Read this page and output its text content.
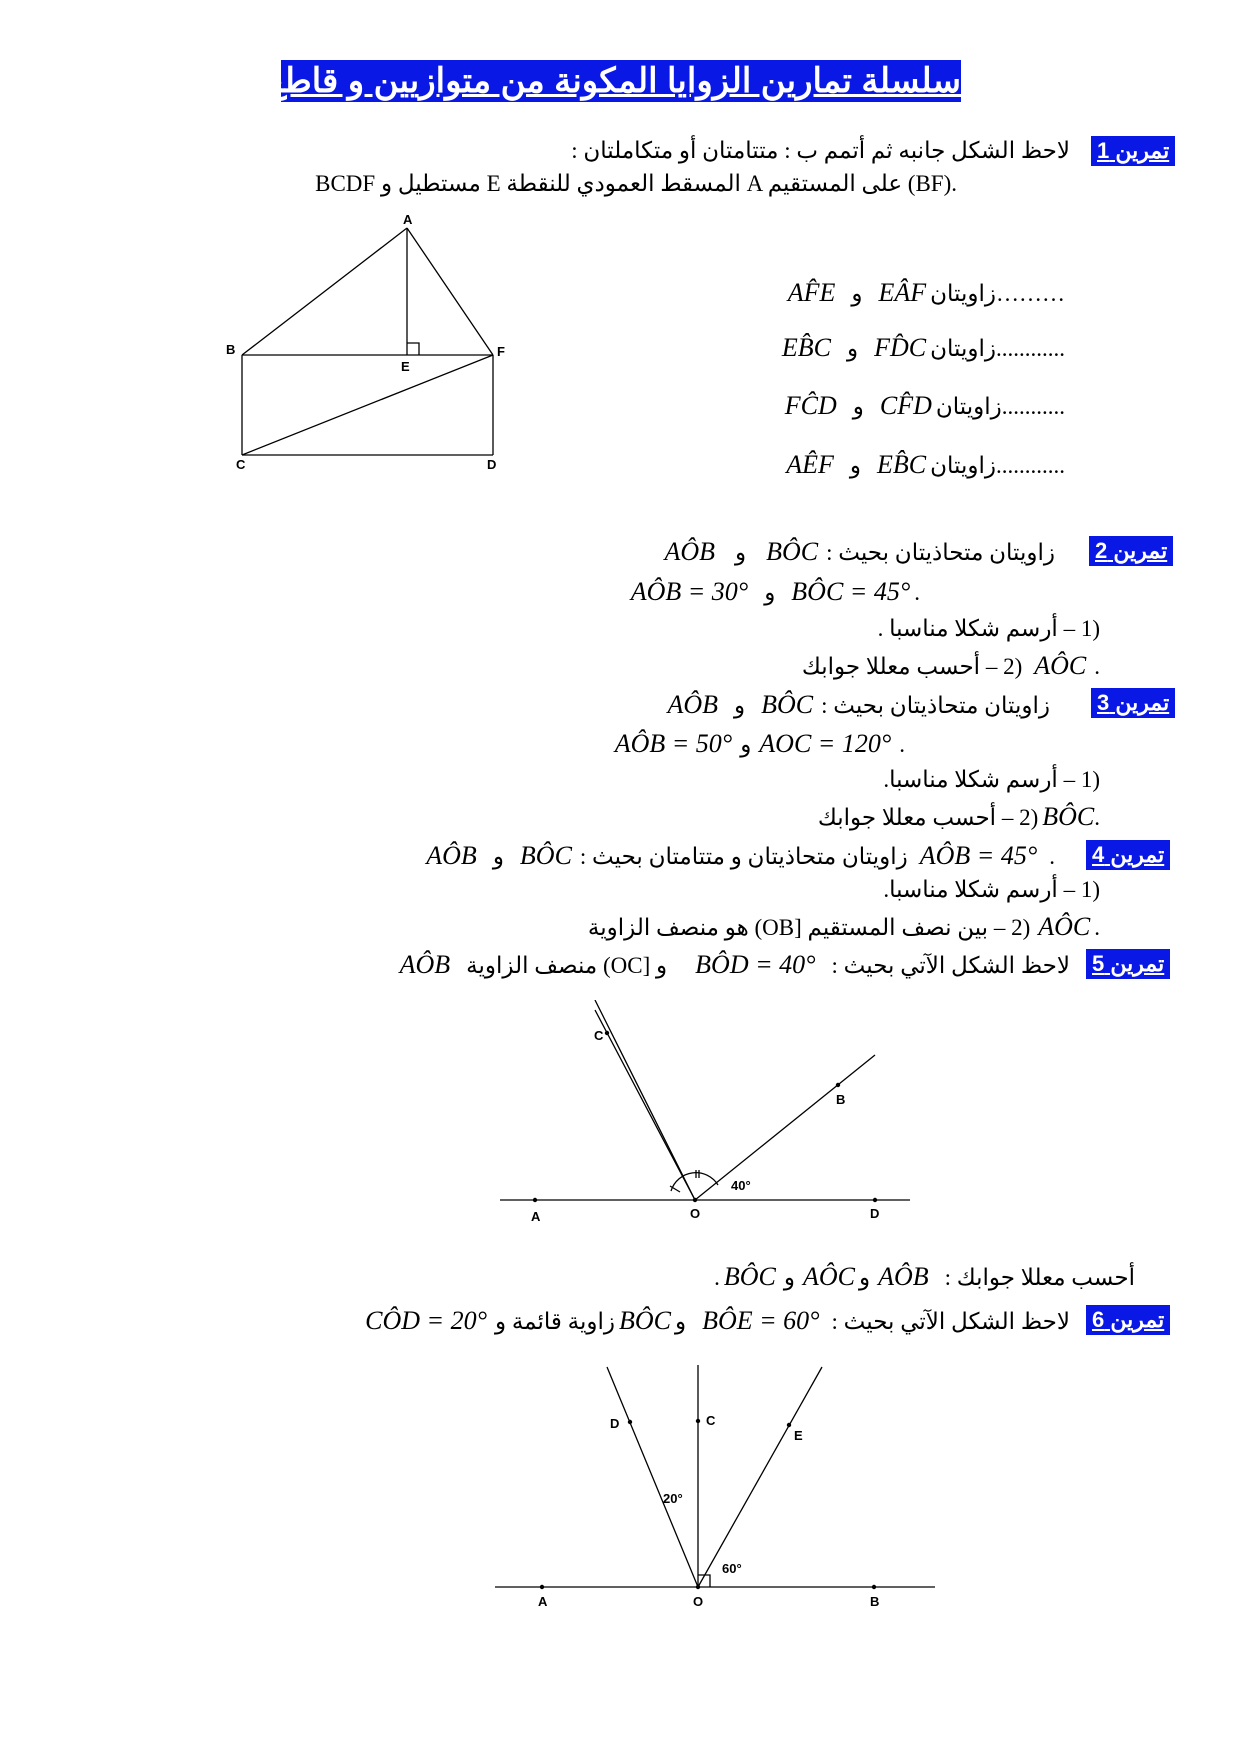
سلسلة تمارين الزوايا المكونة من متوازيين و قاطع
تمرين 1
لاحظ الشكل جانبه ثم أتمم ب : متتامتان أو متكاملتان :
BCDF مستطيل و E المسقط العمودي للنقطة A على المستقيم (BF).
A
B	F
E
C	D
AF̂E و EÂF زاويتان………
EB̂C و FD̂C زاويتان............
FĈD و CF̂D زاويتان...........
AÊF و EB̂C زاويتان............
تمرين 2
AÔB و BÔC زاويتان متحاذيتان بحيث :
AÔB = 30° و BÔC = 45° .
(1 – أرسم شكلا مناسبا .
(2 – أحسب معللا جوابك AÔC .
تمرين 3
AÔB و BÔC زاويتان متحاذيتان بحيث :
AÔB = 50° و AOC = 120° .
(1 – أرسم شكلا مناسبا.
(2 – أحسب معللا جوابك BÔC.
تمرين 4
AÔB و BÔC زاويتان متحاذيتان و متتامتان بحيث : AÔB = 45° .
(1 – أرسم شكلا مناسبا.
(2 – بين نصف المستقيم [OB) هو منصف الزاوية AÔC .
تمرين 5
AÔB و [OC) منصف الزاوية BÔD = 40° لاحظ الشكل الآتي بحيث :
A	O	D
B
C
40°
. BÔC و AÔC و AÔB أحسب معللا جوابك :
تمرين 6
CÔD = 20° زاوية قائمة و BÔC و BÔE = 60° لاحظ الشكل الآتي بحيث :
A	O	B
C
D
E
20°
60°
